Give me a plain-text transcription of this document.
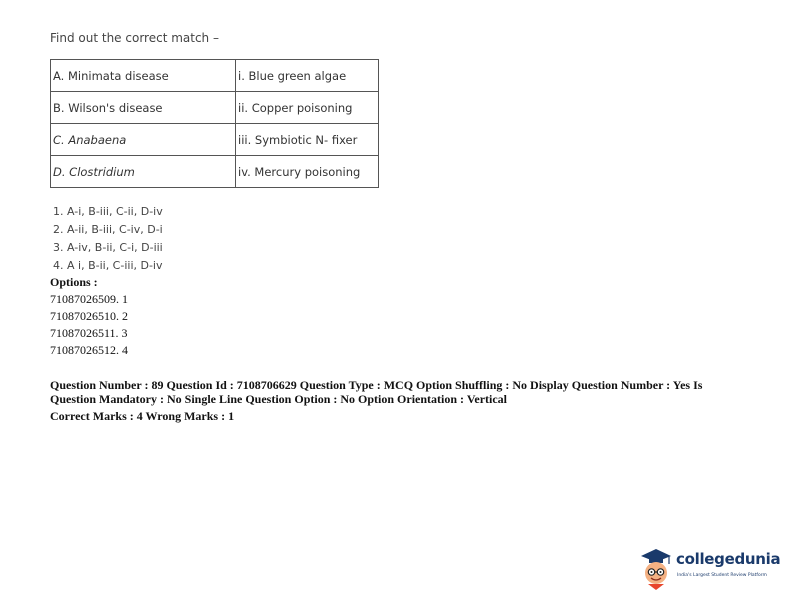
Find out the correct match –
A. Minimata disease	i. Blue green algae
B. Wilson's disease	ii. Copper poisoning
C. Anabaena	iii. Symbiotic N- fixer
D. Clostridium	iv. Mercury poisoning
1. A-i, B-iii, C-ii, D-iv
2. A-ii, B-iii, C-iv, D-i
3. A-iv, B-ii, C-i, D-iii
4. A i, B-ii, C-iii, D-iv
Options :
71087026509. 1
71087026510. 2
71087026511. 3
71087026512. 4
Question Number : 89 Question Id : 7108706629 Question Type : MCQ Option Shuffling : No Display Question Number : Yes Is Question Mandatory : No Single Line Question Option : No Option Orientation : Vertical
Correct Marks : 4 Wrong Marks : 1
collegedunia
India's Largest Student Review Platform
